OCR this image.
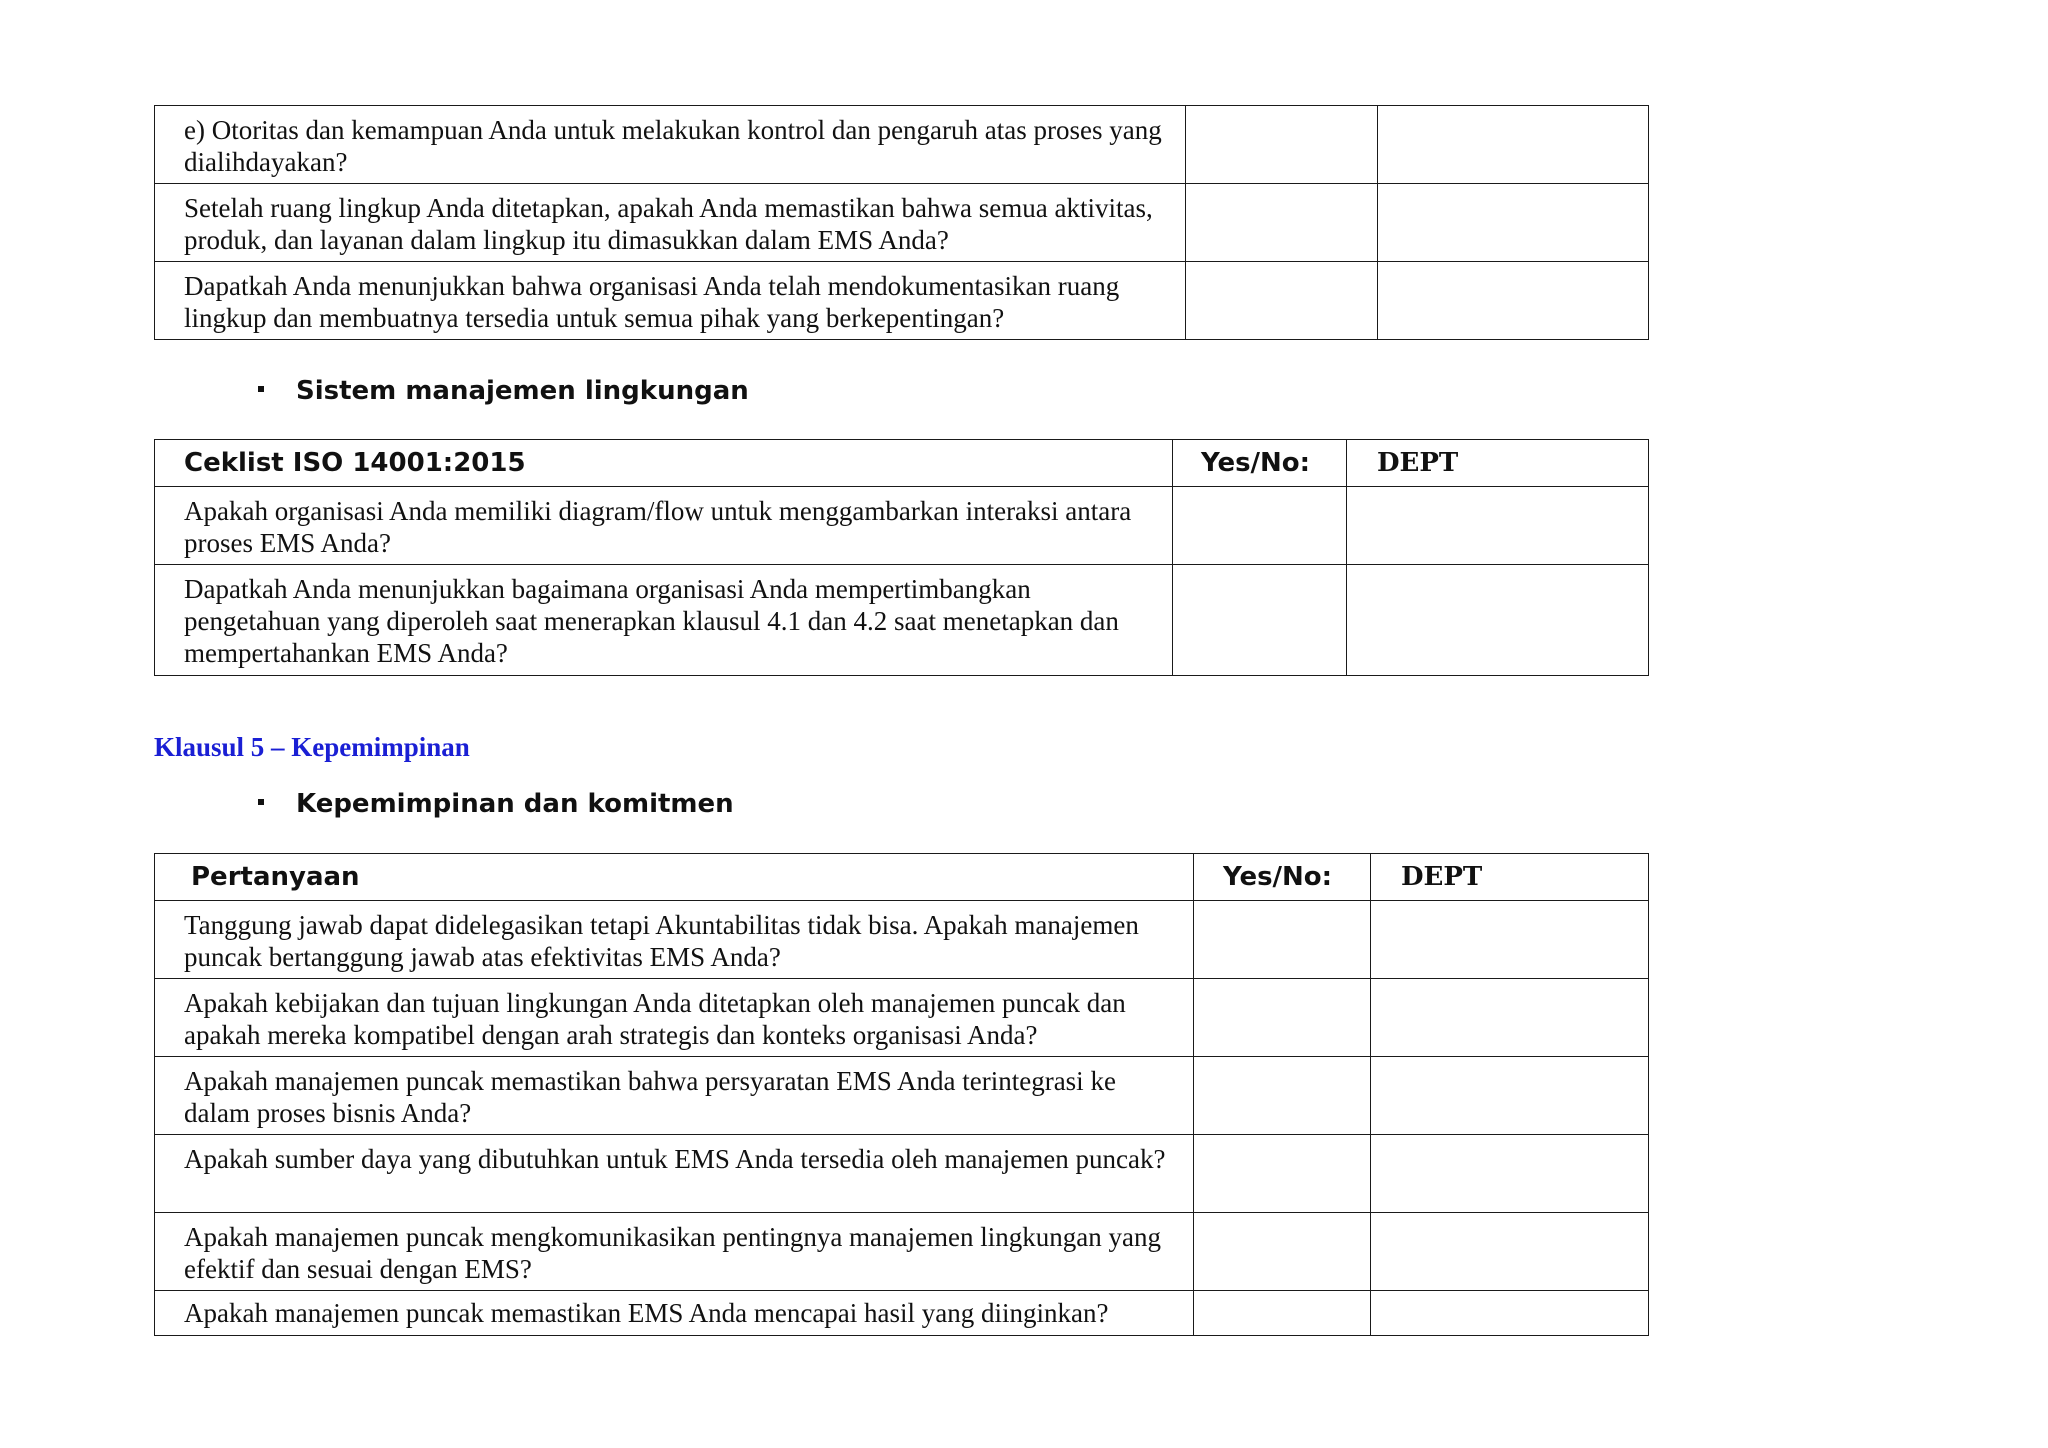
e) Otoritas dan kemampuan Anda untuk melakukan kontrol dan pengaruh atas proses yang dialihdayakan?		
Setelah ruang lingkup Anda ditetapkan, apakah Anda memastikan bahwa semua aktivitas, produk, dan layanan dalam lingkup itu dimasukkan dalam EMS Anda?		
Dapatkah Anda menunjukkan bahwa organisasi Anda telah mendokumentasikan ruang lingkup dan membuatnya tersedia untuk semua pihak yang berkepentingan?		
Sistem manajemen lingkungan
Ceklist ISO 14001:2015	Yes/No:	DEPT
Apakah organisasi Anda memiliki diagram/flow untuk menggambarkan interaksi antara proses EMS Anda?		
Dapatkah Anda menunjukkan bagaimana organisasi Anda mempertimbangkan pengetahuan yang diperoleh saat menerapkan klausul 4.1 dan 4.2 saat menetapkan dan mempertahankan EMS Anda?		
Klausul 5 – Kepemimpinan
Kepemimpinan dan komitmen
Pertanyaan	Yes/No:	DEPT
Tanggung jawab dapat didelegasikan tetapi Akuntabilitas tidak bisa. Apakah manajemen puncak bertanggung jawab atas efektivitas EMS Anda?		
Apakah kebijakan dan tujuan lingkungan Anda ditetapkan oleh manajemen puncak dan apakah mereka kompatibel dengan arah strategis dan konteks organisasi Anda?		
Apakah manajemen puncak memastikan bahwa persyaratan EMS Anda terintegrasi ke dalam proses bisnis Anda?		
Apakah sumber daya yang dibutuhkan untuk EMS Anda tersedia oleh manajemen puncak?		
Apakah manajemen puncak mengkomunikasikan pentingnya manajemen lingkungan yang efektif dan sesuai dengan EMS?		
Apakah manajemen puncak memastikan EMS Anda mencapai hasil yang diinginkan?		
